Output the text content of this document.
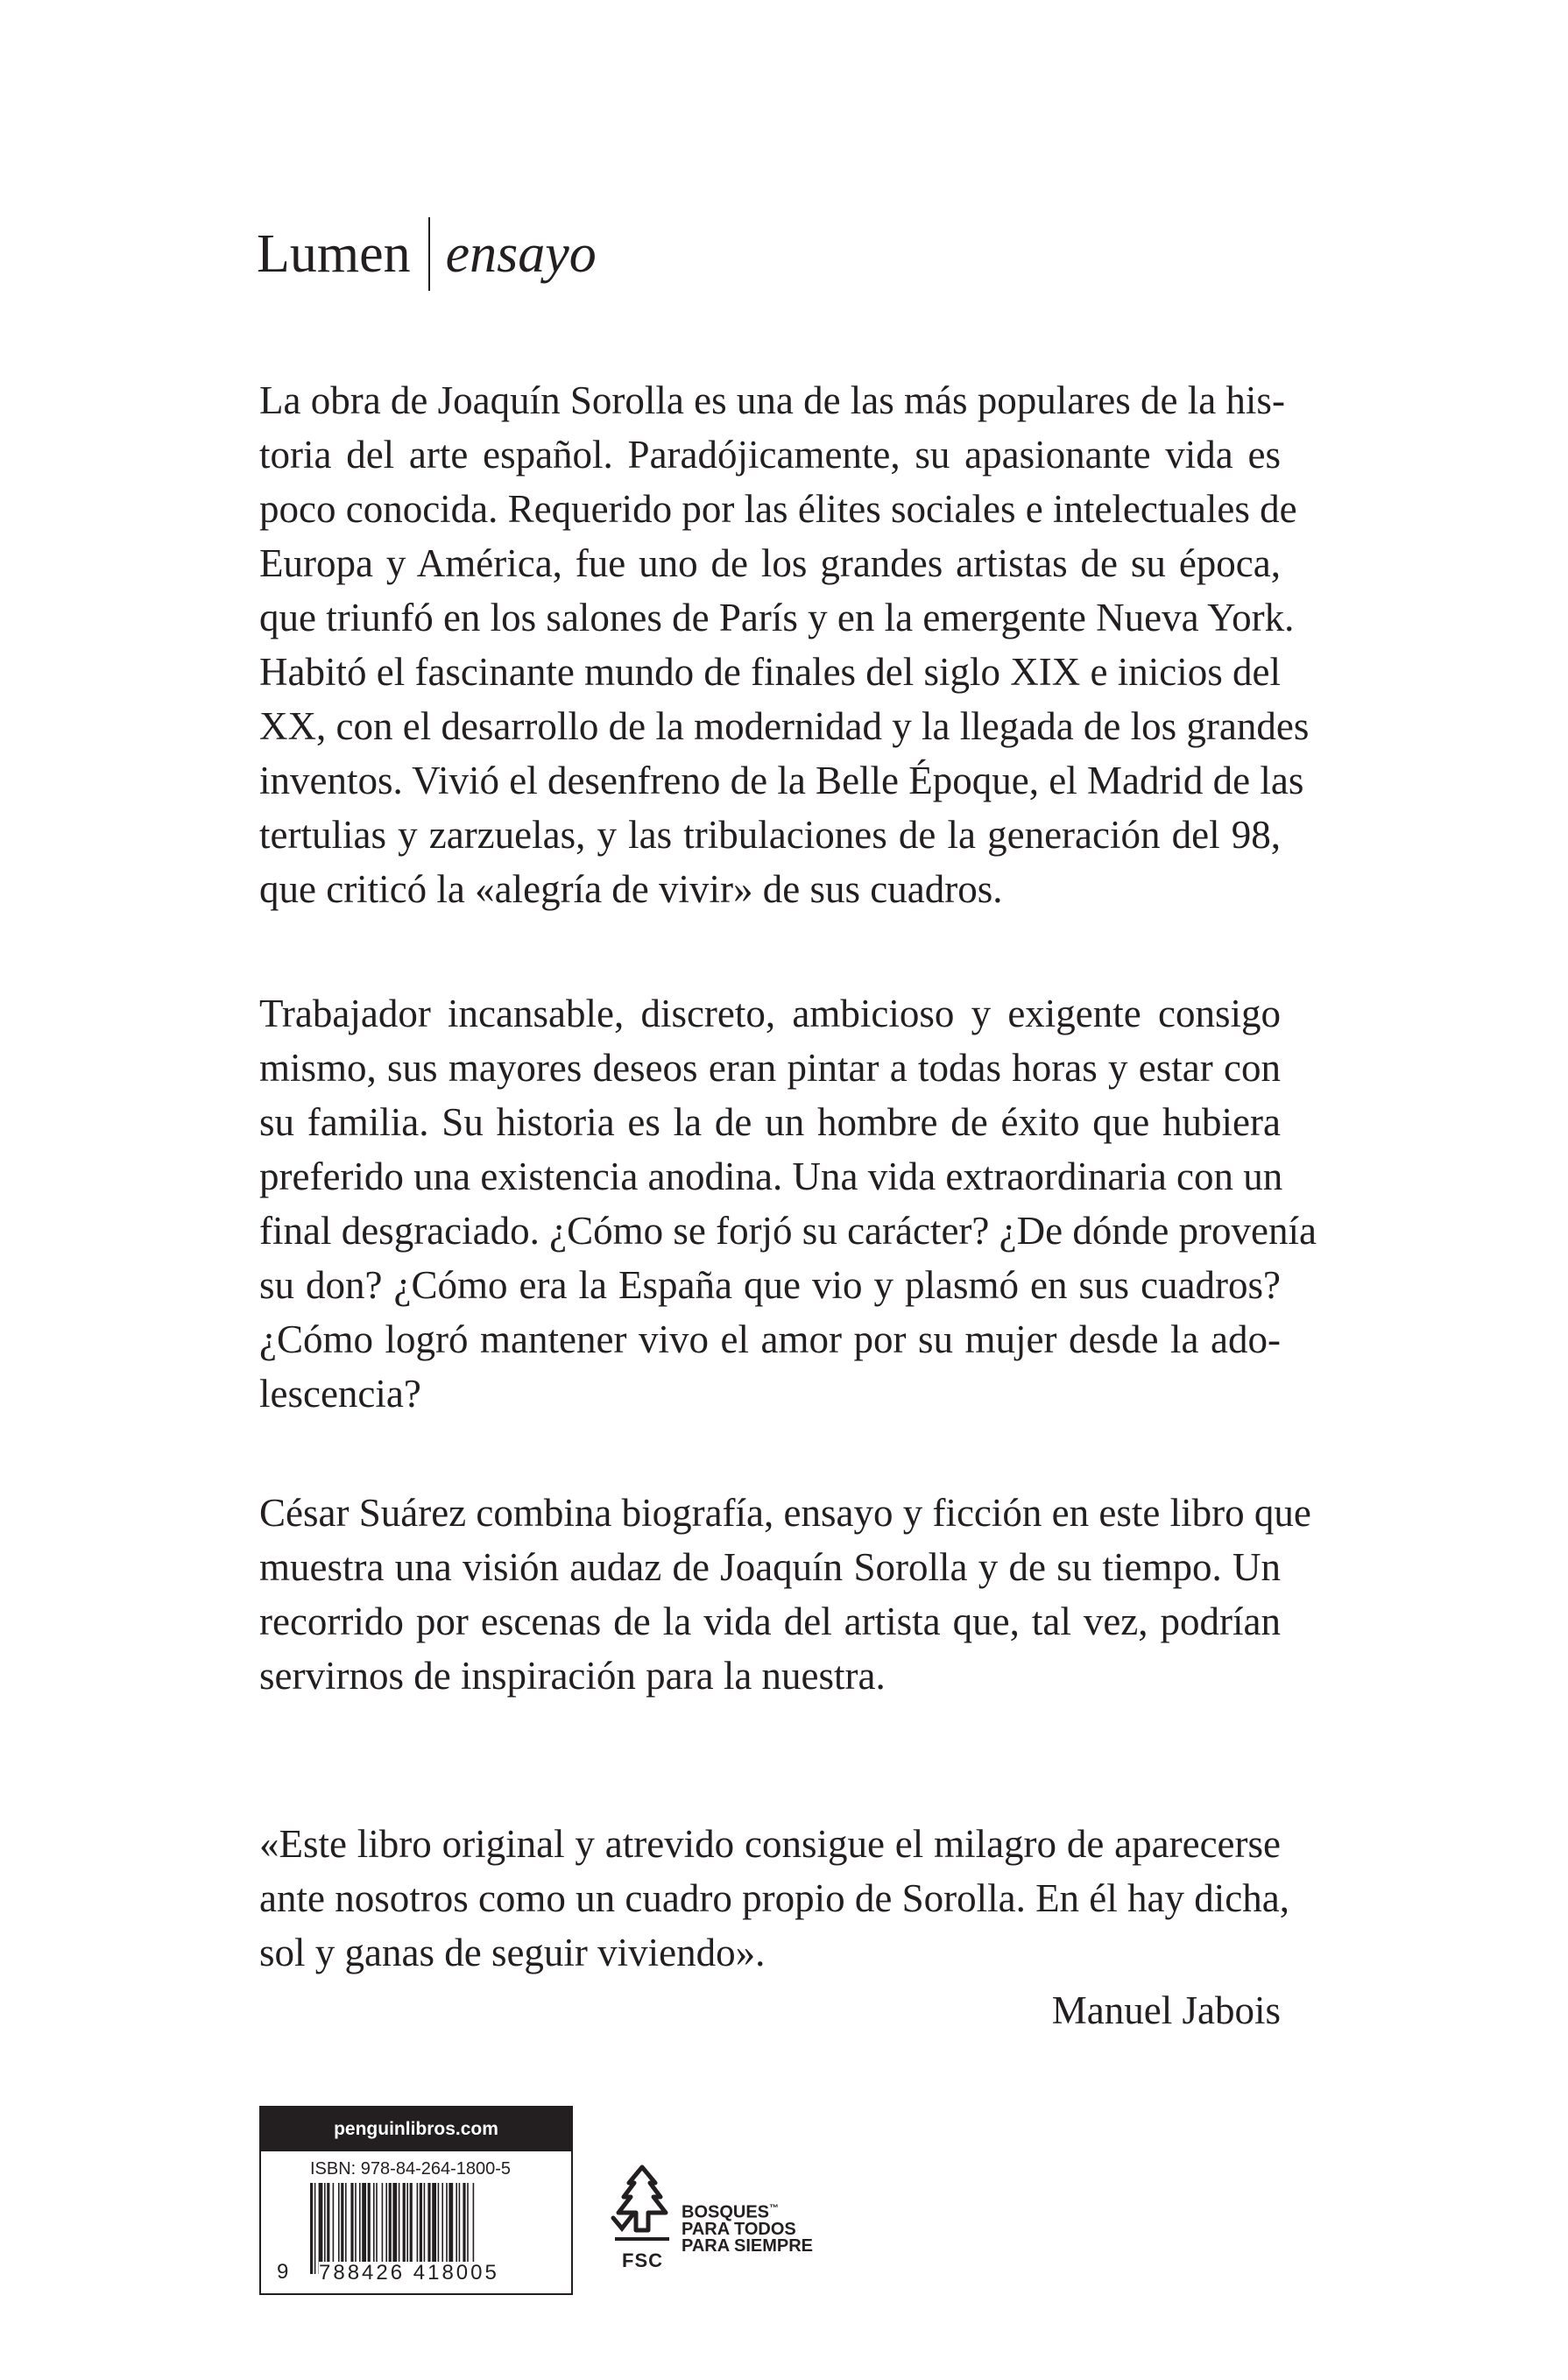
Lumen ensayo
La obra de Joaquín Sorolla es una de las más populares de la his-
toria del arte español. Paradójicamente, su apasionante vida es
poco conocida. Requerido por las élites sociales e intelectuales de
Europa y América, fue uno de los grandes artistas de su época,
que triunfó en los salones de París y en la emergente Nueva York.
Habitó el fascinante mundo de finales del siglo XIX e inicios del
XX, con el desarrollo de la modernidad y la llegada de los grandes
inventos. Vivió el desenfreno de la Belle Époque, el Madrid de las
tertulias y zarzuelas, y las tribulaciones de la generación del 98,
que criticó la «alegría de vivir» de sus cuadros.
Trabajador incansable, discreto, ambicioso y exigente consigo
mismo, sus mayores deseos eran pintar a todas horas y estar con
su familia. Su historia es la de un hombre de éxito que hubiera
preferido una existencia anodina. Una vida extraordinaria con un
final desgraciado. ¿Cómo se forjó su carácter? ¿De dónde provenía
su don? ¿Cómo era la España que vio y plasmó en sus cuadros?
¿Cómo logró mantener vivo el amor por su mujer desde la ado-
lescencia?
César Suárez combina biografía, ensayo y ficción en este libro que
muestra una visión audaz de Joaquín Sorolla y de su tiempo. Un
recorrido por escenas de la vida del artista que, tal vez, podrían
servirnos de inspiración para la nuestra.
«Este libro original y atrevido consigue el milagro de aparecerse
ante nosotros como un cuadro propio de Sorolla. En él hay dicha,
sol y ganas de seguir viviendo».
Manuel Jabois
penguinlibros.com
ISBN: 978-84-264-1800-5
9 788426 418005
FSC
BOSQUES™
PARA TODOS
PARA SIEMPRE
